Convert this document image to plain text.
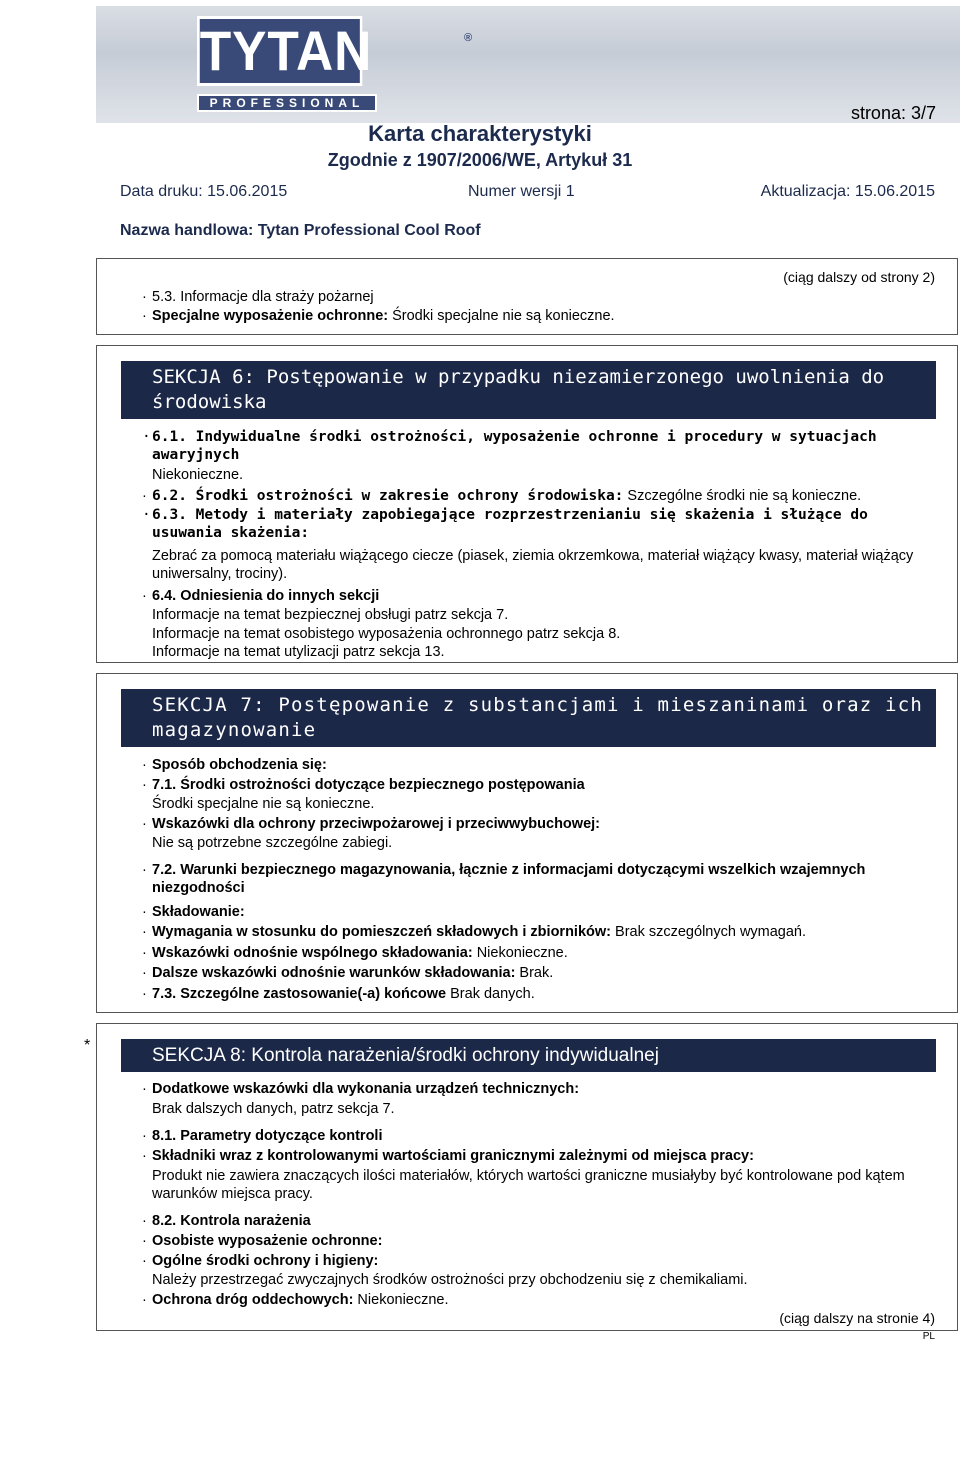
TYTAN	®
PROFESSIONAL	strona: 3/7
Karta charakterystyki
Zgodnie z 1907/2006/WE, Artykuł 31
Data druku: 15.06.2015	Numer wersji 1	Aktualizacja: 15.06.2015
Nazwa handlowa: Tytan Professional Cool Roof
(ciąg dalszy od strony 2)
· 5.3. Informacje dla straży pożarnej
· Specjalne wyposażenie ochronne: Środki specjalne nie są konieczne.
SEKCJA 6: Postępowanie w przypadku niezamierzonego uwolnienia do środowiska
· 6.1. Indywidualne środki ostrożności, wyposażenie ochronne i procedury w sytuacjach awaryjnych
Niekonieczne.
· 6.2. Środki ostrożności w zakresie ochrony środowiska: Szczególne środki nie są konieczne.
· 6.3. Metody i materiały zapobiegające rozprzestrzenianiu się skażenia i służące do usuwania skażenia:
Zebrać za pomocą materiału wiążącego ciecze (piasek, ziemia okrzemkowa, materiał wiążący kwasy, materiał wiążący uniwersalny, trociny).
· 6.4. Odniesienia do innych sekcji
Informacje na temat bezpiecznej obsługi patrz sekcja 7.
Informacje na temat osobistego wyposażenia ochronnego patrz sekcja 8.
Informacje na temat utylizacji patrz sekcja 13.
SEKCJA 7: Postępowanie z substancjami i mieszaninami oraz ich magazynowanie
· Sposób obchodzenia się:
· 7.1. Środki ostrożności dotyczące bezpiecznego postępowania
Środki specjalne nie są konieczne.
· Wskazówki dla ochrony przeciwpożarowej i przeciwwybuchowej:
Nie są potrzebne szczególne zabiegi.
· 7.2. Warunki bezpiecznego magazynowania, łącznie z informacjami dotyczącymi wszelkich wzajemnych niezgodności
· Składowanie:
· Wymagania w stosunku do pomieszczeń składowych i zbiorników: Brak szczególnych wymagań.
· Wskazówki odnośnie wspólnego składowania: Niekonieczne.
· Dalsze wskazówki odnośnie warunków składowania: Brak.
· 7.3. Szczególne zastosowanie(-a) końcowe Brak danych.
*	SEKCJA 8: Kontrola narażenia/środki ochrony indywidualnej
· Dodatkowe wskazówki dla wykonania urządzeń technicznych:
Brak dalszych danych, patrz sekcja 7.
· 8.1. Parametry dotyczące kontroli
· Składniki wraz z kontrolowanymi wartościami granicznymi zależnymi od miejsca pracy:
Produkt nie zawiera znaczących ilości materiałów, których wartości graniczne musiałyby być kontrolowane pod kątem warunków miejsca pracy.
· 8.2. Kontrola narażenia
· Osobiste wyposażenie ochronne:
· Ogólne środki ochrony i higieny:
Należy przestrzegać zwyczajnych środków ostrożności przy obchodzeniu się z chemikaliami.
· Ochrona dróg oddechowych: Niekonieczne.
(ciąg dalszy na stronie 4)
PL
